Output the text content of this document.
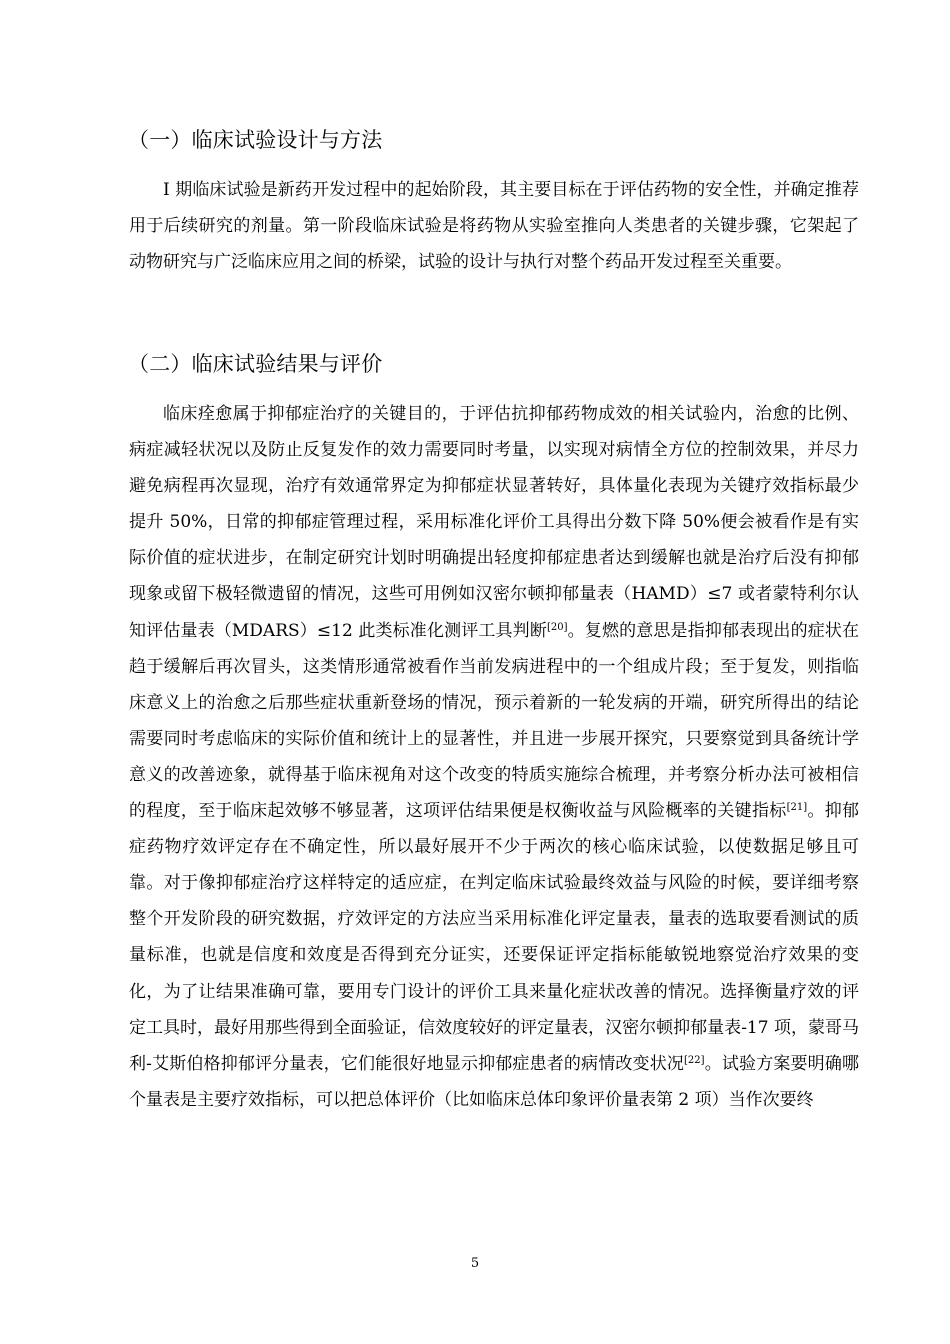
（一）临床试验设计与方法

I 期临床试验是新药开发过程中的起始阶段，其主要目标在于评估药物的安全性，并确定推荐用于后续研究的剂量。第一阶段临床试验是将药物从实验室推向人类患者的关键步骤，它架起了动物研究与广泛临床应用之间的桥梁，试验的设计与执行对整个药品开发过程至关重要。

（二）临床试验结果与评价

临床痊愈属于抑郁症治疗的关键目的，于评估抗抑郁药物成效的相关试验内，治愈的比例、病症减轻状况以及防止反复发作的效力需要同时考量，以实现对病情全方位的控制效果，并尽力避免病程再次显现，治疗有效通常界定为抑郁症状显著转好，具体量化表现为关键疗效指标最少提升 50%，日常的抑郁症管理过程，采用标准化评价工具得出分数下降 50%便会被看作是有实际价值的症状进步，在制定研究计划时明确提出轻度抑郁症患者达到缓解也就是治疗后没有抑郁现象或留下极轻微遗留的情况，这些可用例如汉密尔顿抑郁量表（HAMD）≤7 或者蒙特利尔认知评估量表（MDARS）≤12 此类标准化测评工具判断[20]。复燃的意思是指抑郁表现出的症状在趋于缓解后再次冒头，这类情形通常被看作当前发病进程中的一个组成片段；至于复发，则指临床意义上的治愈之后那些症状重新登场的情况，预示着新的一轮发病的开端，研究所得出的结论需要同时考虑临床的实际价值和统计上的显著性，并且进一步展开探究，只要察觉到具备统计学意义的改善迹象，就得基于临床视角对这个改变的特质实施综合梳理，并考察分析办法可被相信的程度，至于临床起效够不够显著，这项评估结果便是权衡收益与风险概率的关键指标[21]。抑郁症药物疗效评定存在不确定性，所以最好展开不少于两次的核心临床试验，以使数据足够且可靠。对于像抑郁症治疗这样特定的适应症，在判定临床试验最终效益与风险的时候，要详细考察整个开发阶段的研究数据，疗效评定的方法应当采用标准化评定量表，量表的选取要看测试的质量标准，也就是信度和效度是否得到充分证实，还要保证评定指标能敏锐地察觉治疗效果的变化，为了让结果准确可靠，要用专门设计的评价工具来量化症状改善的情况。选择衡量疗效的评定工具时，最好用那些得到全面验证，信效度较好的评定量表，汉密尔顿抑郁量表-17 项，蒙哥马利-艾斯伯格抑郁评分量表，它们能很好地显示抑郁症患者的病情改变状况[22]。试验方案要明确哪个量表是主要疗效指标，可以把总体评价（比如临床总体印象评价量表第 2 项）当作次要终

5
